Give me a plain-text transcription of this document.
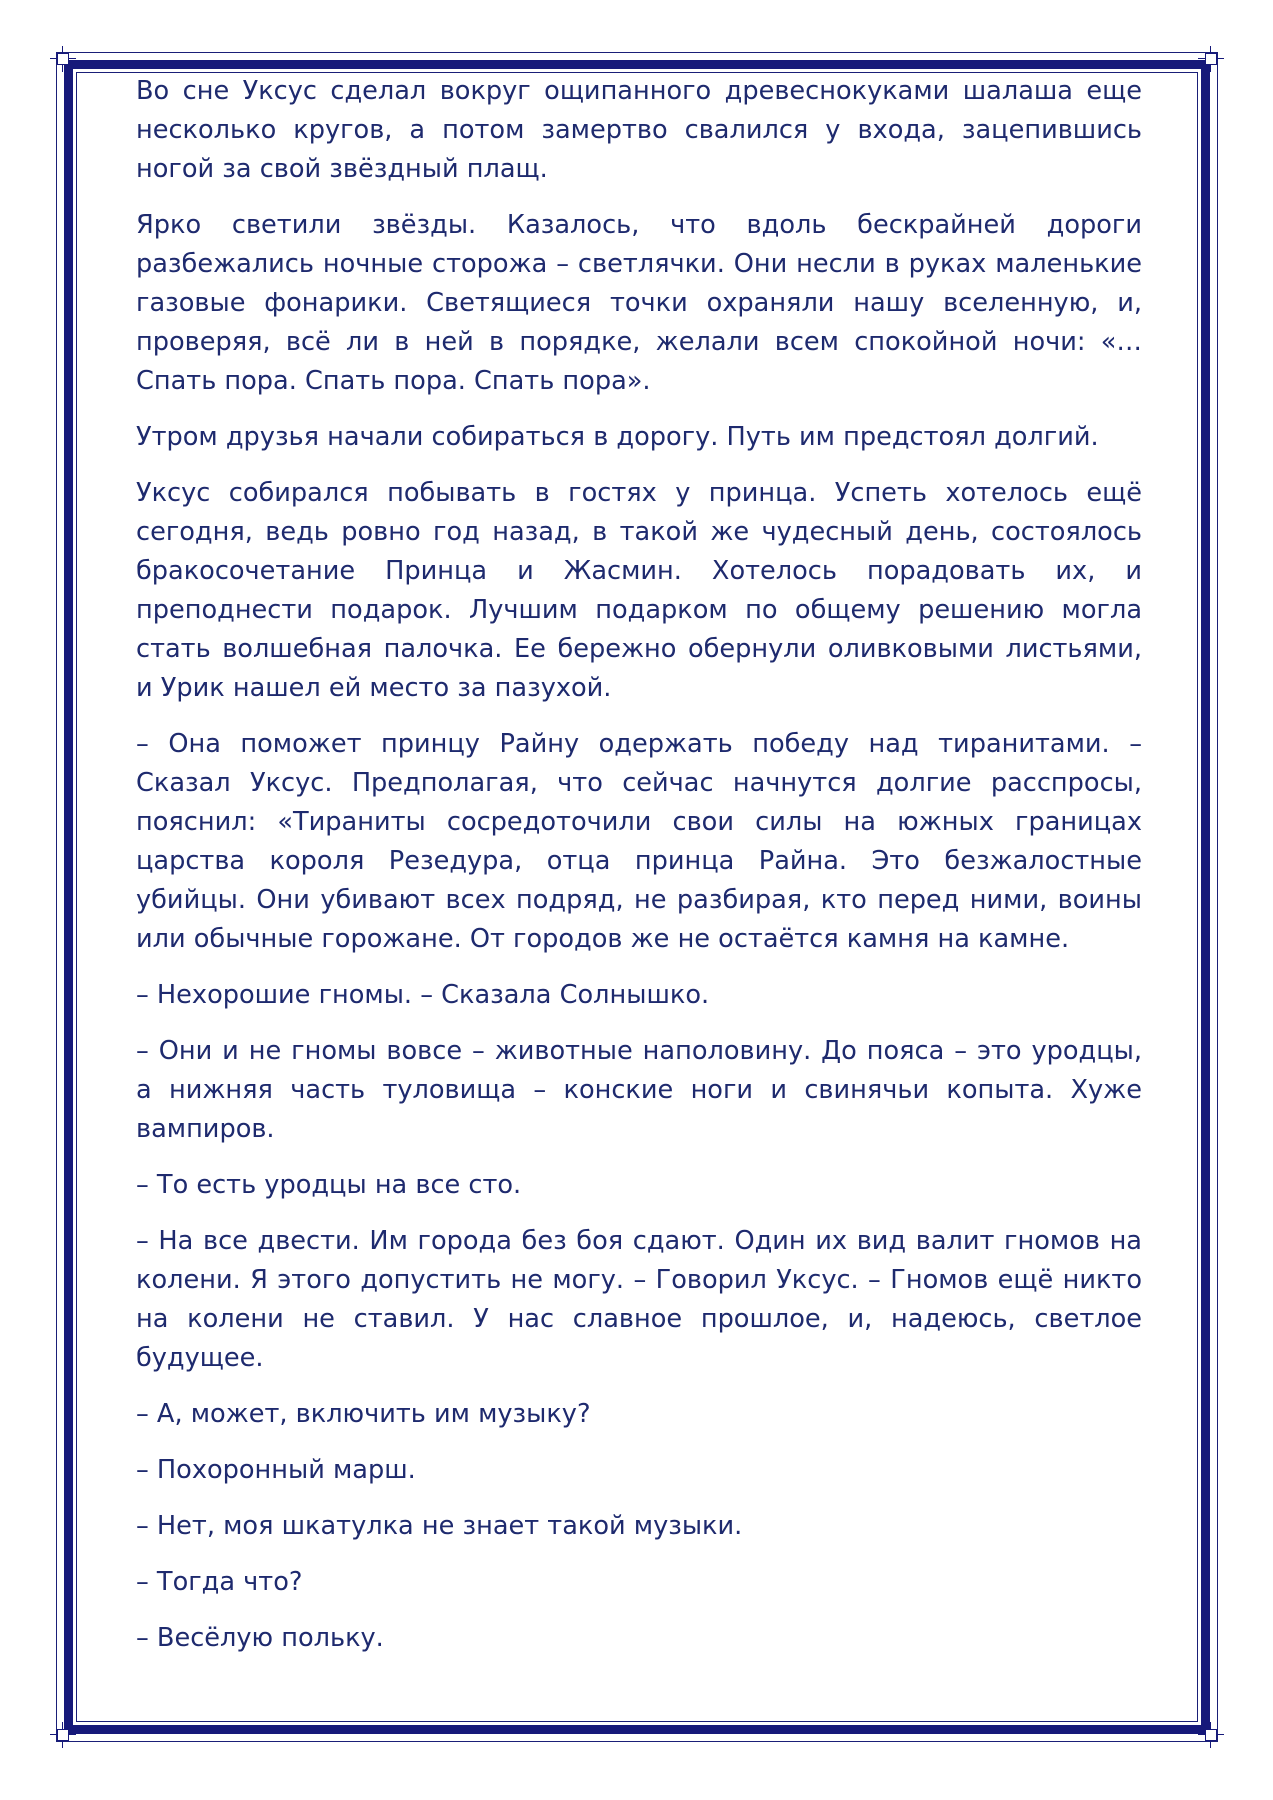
Во сне Уксус сделал вокруг ощипанного древеснокуками шалаша еще несколько кругов, а потом замертво свалился у входа, зацепившись ногой за свой звёздный плащ.

Ярко светили звёзды. Казалось, что вдоль бескрайней дороги разбежались ночные сторожа – светлячки. Они несли в руках маленькие газовые фонарики. Светящиеся точки охраняли нашу вселенную, и, проверяя, всё ли в ней в порядке, желали всем спокойной ночи: «… Спать пора. Спать пора. Спать пора».

Утром друзья начали собираться в дорогу. Путь им предстоял долгий.

Уксус собирался побывать в гостях у принца. Успеть хотелось ещё сегодня, ведь ровно год назад, в такой же чудесный день, состоялось бракосочетание Принца и Жасмин. Хотелось порадовать их, и преподнести подарок. Лучшим подарком по общему решению могла стать волшебная палочка. Ее бережно обернули оливковыми листьями, и Урик нашел ей место за пазухой.

– Она поможет принцу Райну одержать победу над тиранитами. – Сказал Уксус. Предполагая, что сейчас начнутся долгие расспросы, пояснил: «Тираниты сосредоточили свои силы на южных границах царства короля Резедура, отца принца Райна. Это безжалостные убийцы. Они убивают всех подряд, не разбирая, кто перед ними, воины или обычные горожане. От городов же не остаётся камня на камне.

– Нехорошие гномы. – Сказала Солнышко.

– Они и не гномы вовсе – животные наполовину. До пояса – это уродцы, а нижняя часть туловища – конские ноги и свинячьи копыта. Хуже вампиров.

– То есть уродцы на все сто.

– На все двести. Им города без боя сдают. Один их вид валит гномов на колени. Я этого допустить не могу. – Говорил Уксус. – Гномов ещё никто на колени не ставил. У нас славное прошлое, и, надеюсь, светлое будущее.

– А, может, включить им музыку?

– Похоронный марш.

– Нет, моя шкатулка не знает такой музыки.

– Тогда что?

– Весёлую польку.
